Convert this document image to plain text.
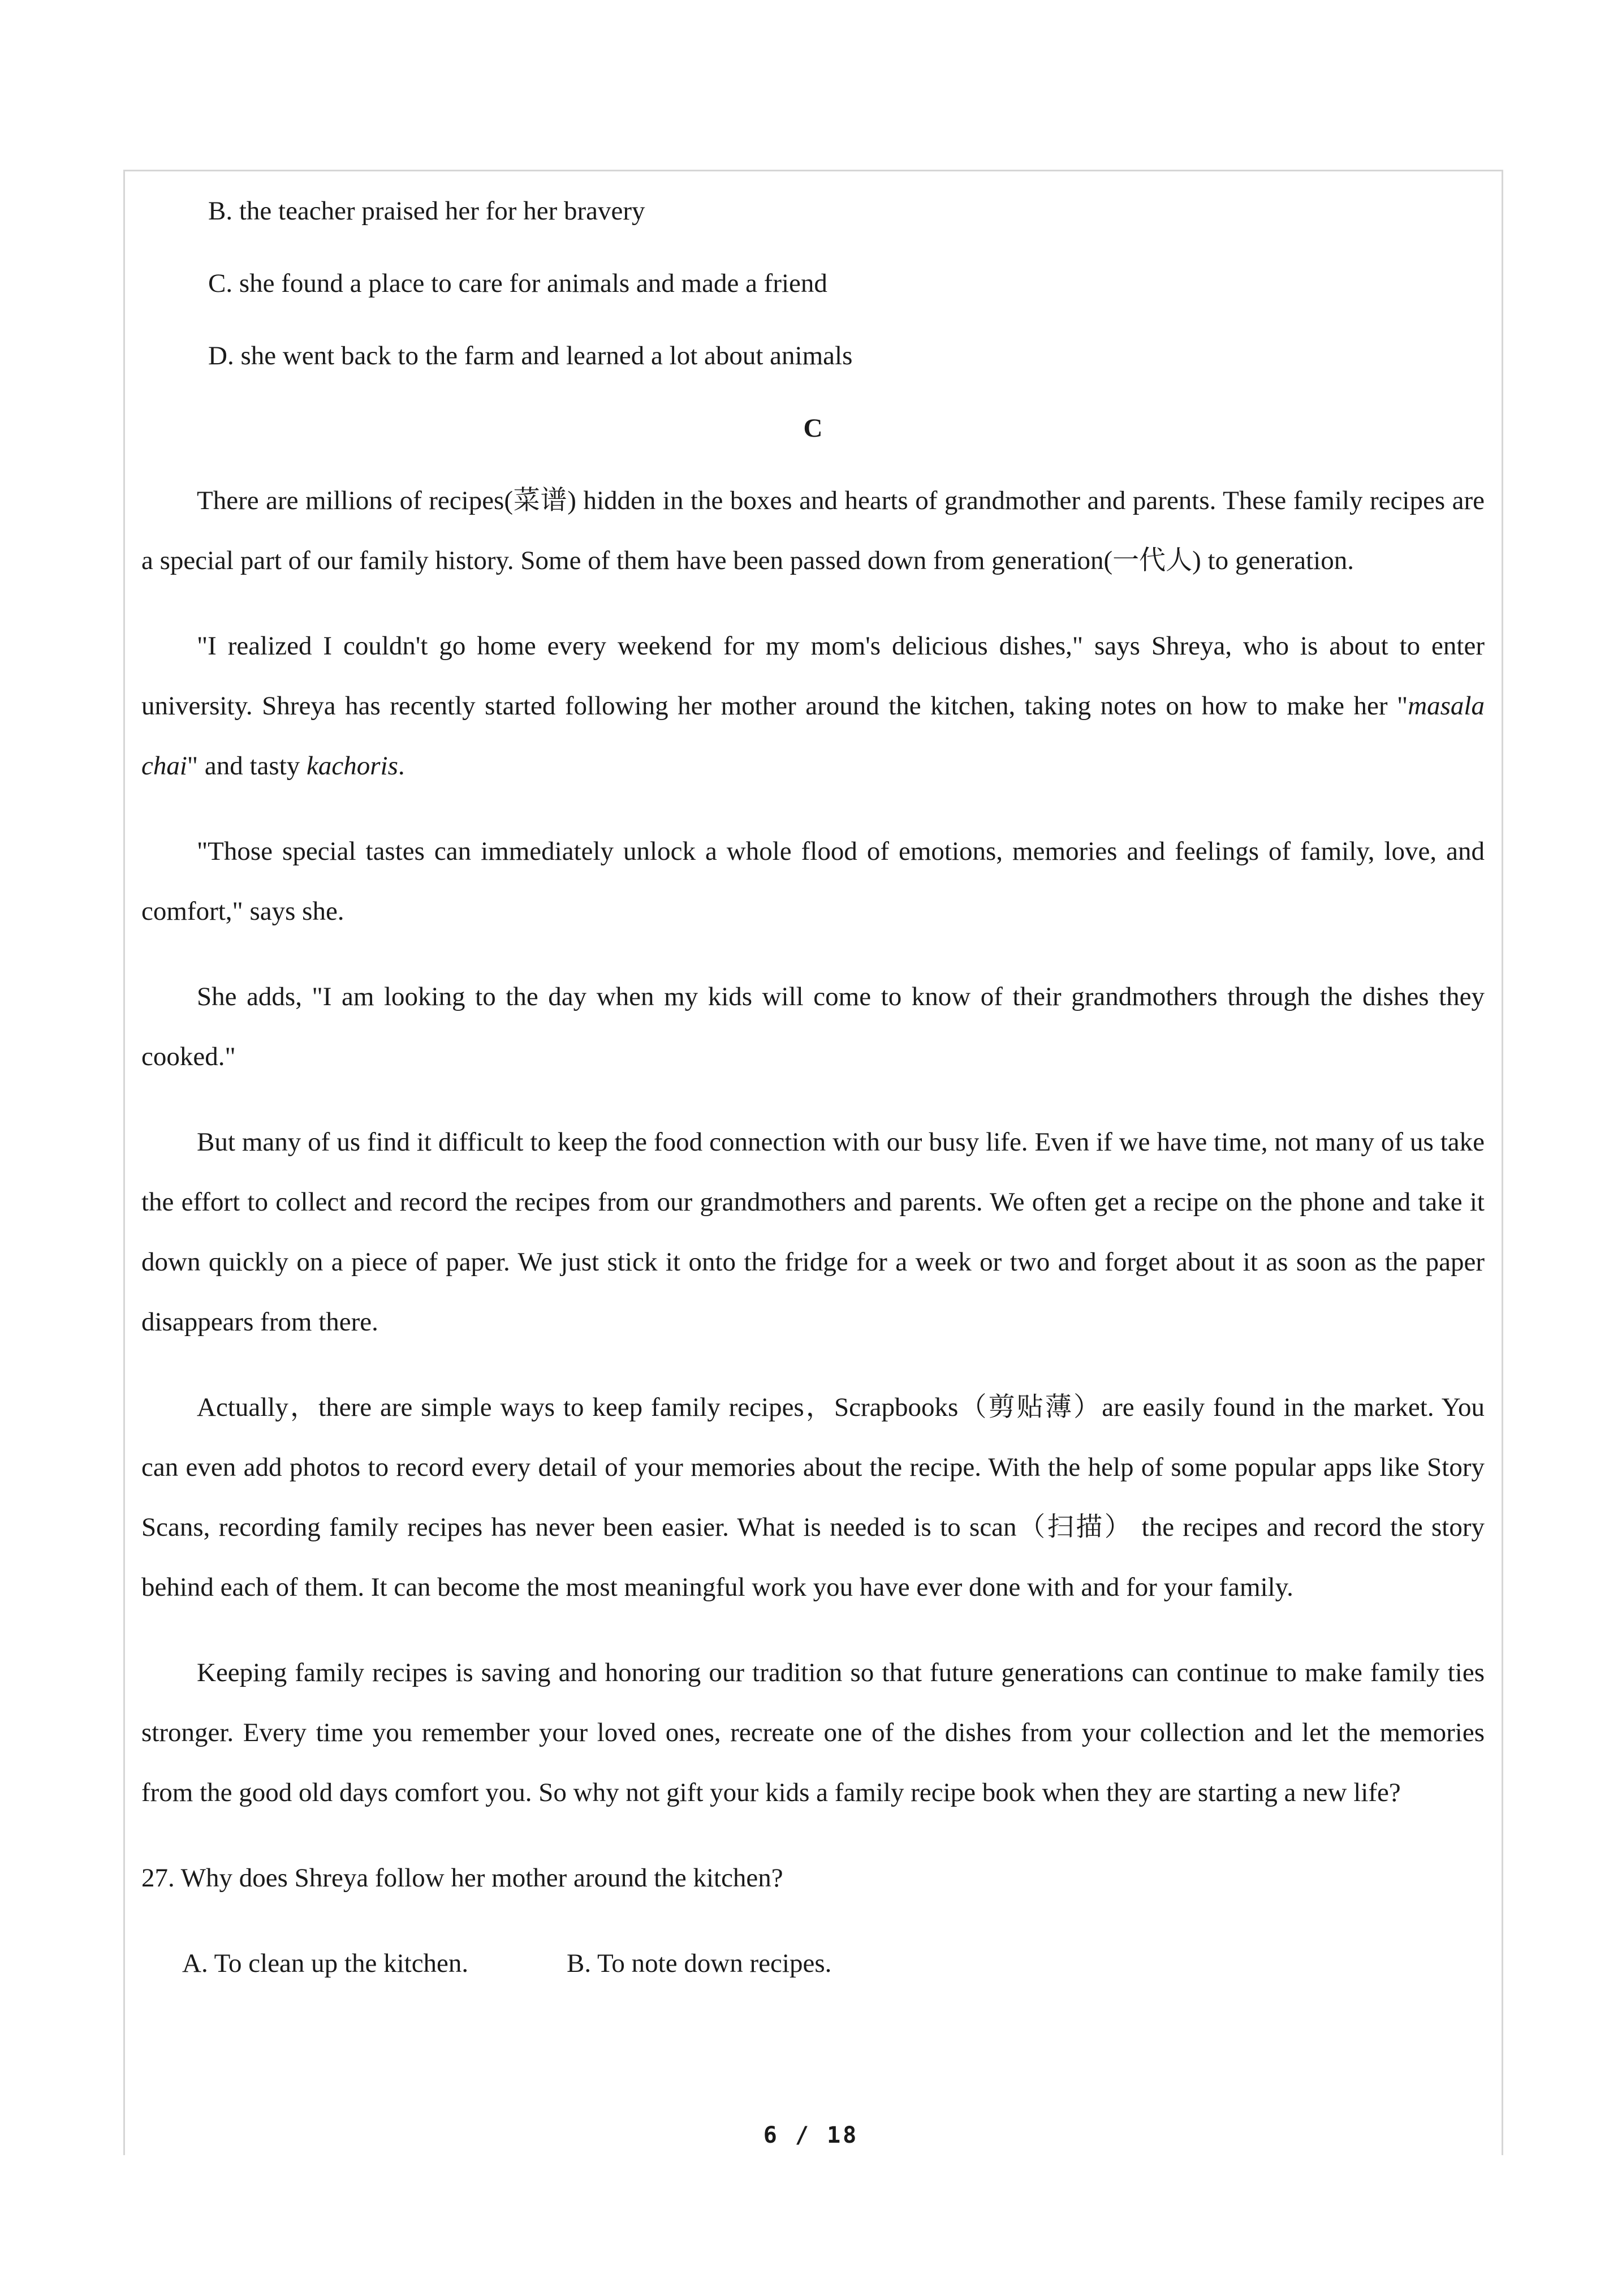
B. the teacher praised her for her bravery

C. she found a place to care for animals and made a friend

D. she went back to the farm and learned a lot about animals

C

There are millions of recipes(菜谱) hidden in the boxes and hearts of grandmother and parents. These family recipes are a special part of our family history. Some of them have been passed down from generation(一代人) to generation.

"I realized I couldn't go home every weekend for my mom's delicious dishes," says Shreya, who is about to enter university. Shreya has recently started following her mother around the kitchen, taking notes on how to make her "masala chai" and tasty kachoris.

"Those special tastes can immediately unlock a whole flood of emotions, memories and feelings of family, love, and comfort," says she.

She adds, "I am looking to the day when my kids will come to know of their grandmothers through the dishes they cooked."

But many of us find it difficult to keep the food connection with our busy life. Even if we have time, not many of us take the effort to collect and record the recipes from our grandmothers and parents. We often get a recipe on the phone and take it down quickly on a piece of paper. We just stick it onto the fridge for a week or two and forget about it as soon as the paper disappears from there.

Actually，there are simple ways to keep family recipes，Scrapbooks（剪贴薄）are easily found in the market. You can even add photos to record every detail of your memories about the recipe. With the help of some popular apps like Story Scans, recording family recipes has never been easier. What is needed is to scan（扫描） the recipes and record the story behind each of them. It can become the most meaningful work you have ever done with and for your family.

Keeping family recipes is saving and honoring our tradition so that future generations can continue to make family ties stronger. Every time you remember your loved ones, recreate one of the dishes from your collection and let the memories from the good old days comfort you. So why not gift your kids a family recipe book when they are starting a new life?

27. Why does Shreya follow her mother around the kitchen?

A. To clean up the kitchen.	B. To note down recipes.
6 / 18
